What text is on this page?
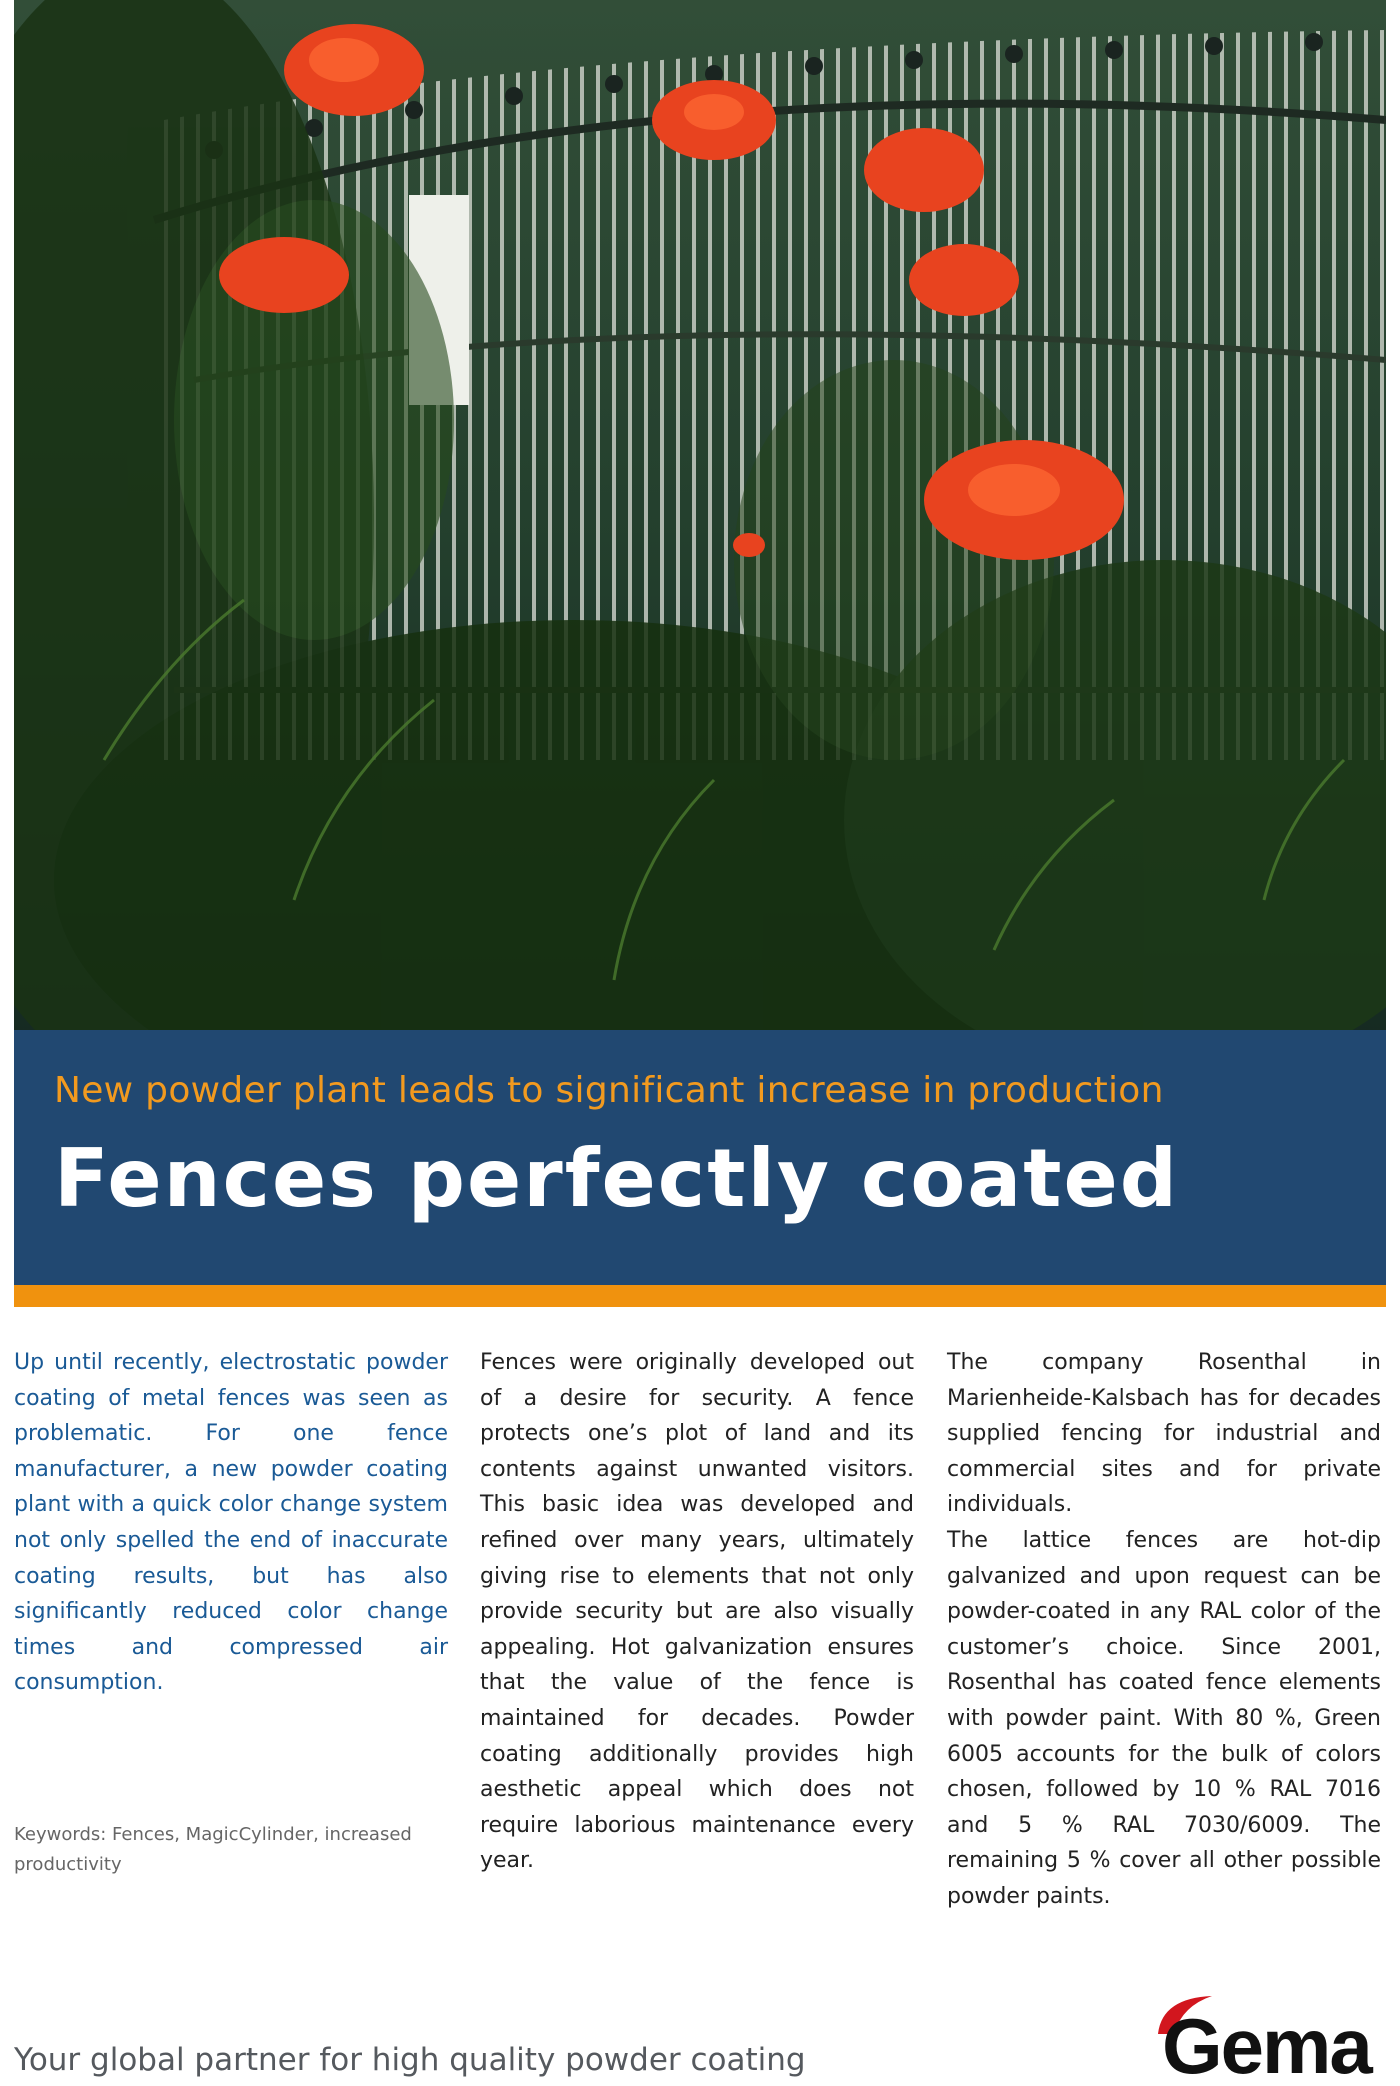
New powder plant leads to significant increase in production
Fences perfectly coated

Up until recently, electrostatic powder coating of metal fences was seen as problematic. For one fence manufacturer, a new powder coating plant with a quick color change system not only spelled the end of inaccurate coating results, but has also significantly reduced color change times and compressed air consumption.

Fences were originally developed out of a desire for security. A fence protects one’s plot of land and its contents against unwanted visitors. This basic idea was developed and refined over many years, ultimately giving rise to elements that not only provide security but are also visually appealing. Hot galvanization ensures that the value of the fence is maintained for decades. Powder coating additionally provides high aesthetic appeal which does not require laborious maintenance every year.

The company Rosenthal in Marienheide-Kalsbach has for decades supplied fencing for industrial and commercial sites and for private individuals.

The lattice fences are hot-dip galvanized and upon request can be powder-coated in any RAL color of the customer’s choice. Since 2001, Rosenthal has coated fence elements with powder paint. With 80 %, Green 6005 accounts for the bulk of colors chosen, followed by 10 % RAL 7016 and 5 % RAL 7030/6009. The remaining 5 % cover all other possible powder paints.

Keywords: Fences, MagicCylinder, increased productivity
Your global partner for high quality powder coating	Gema
